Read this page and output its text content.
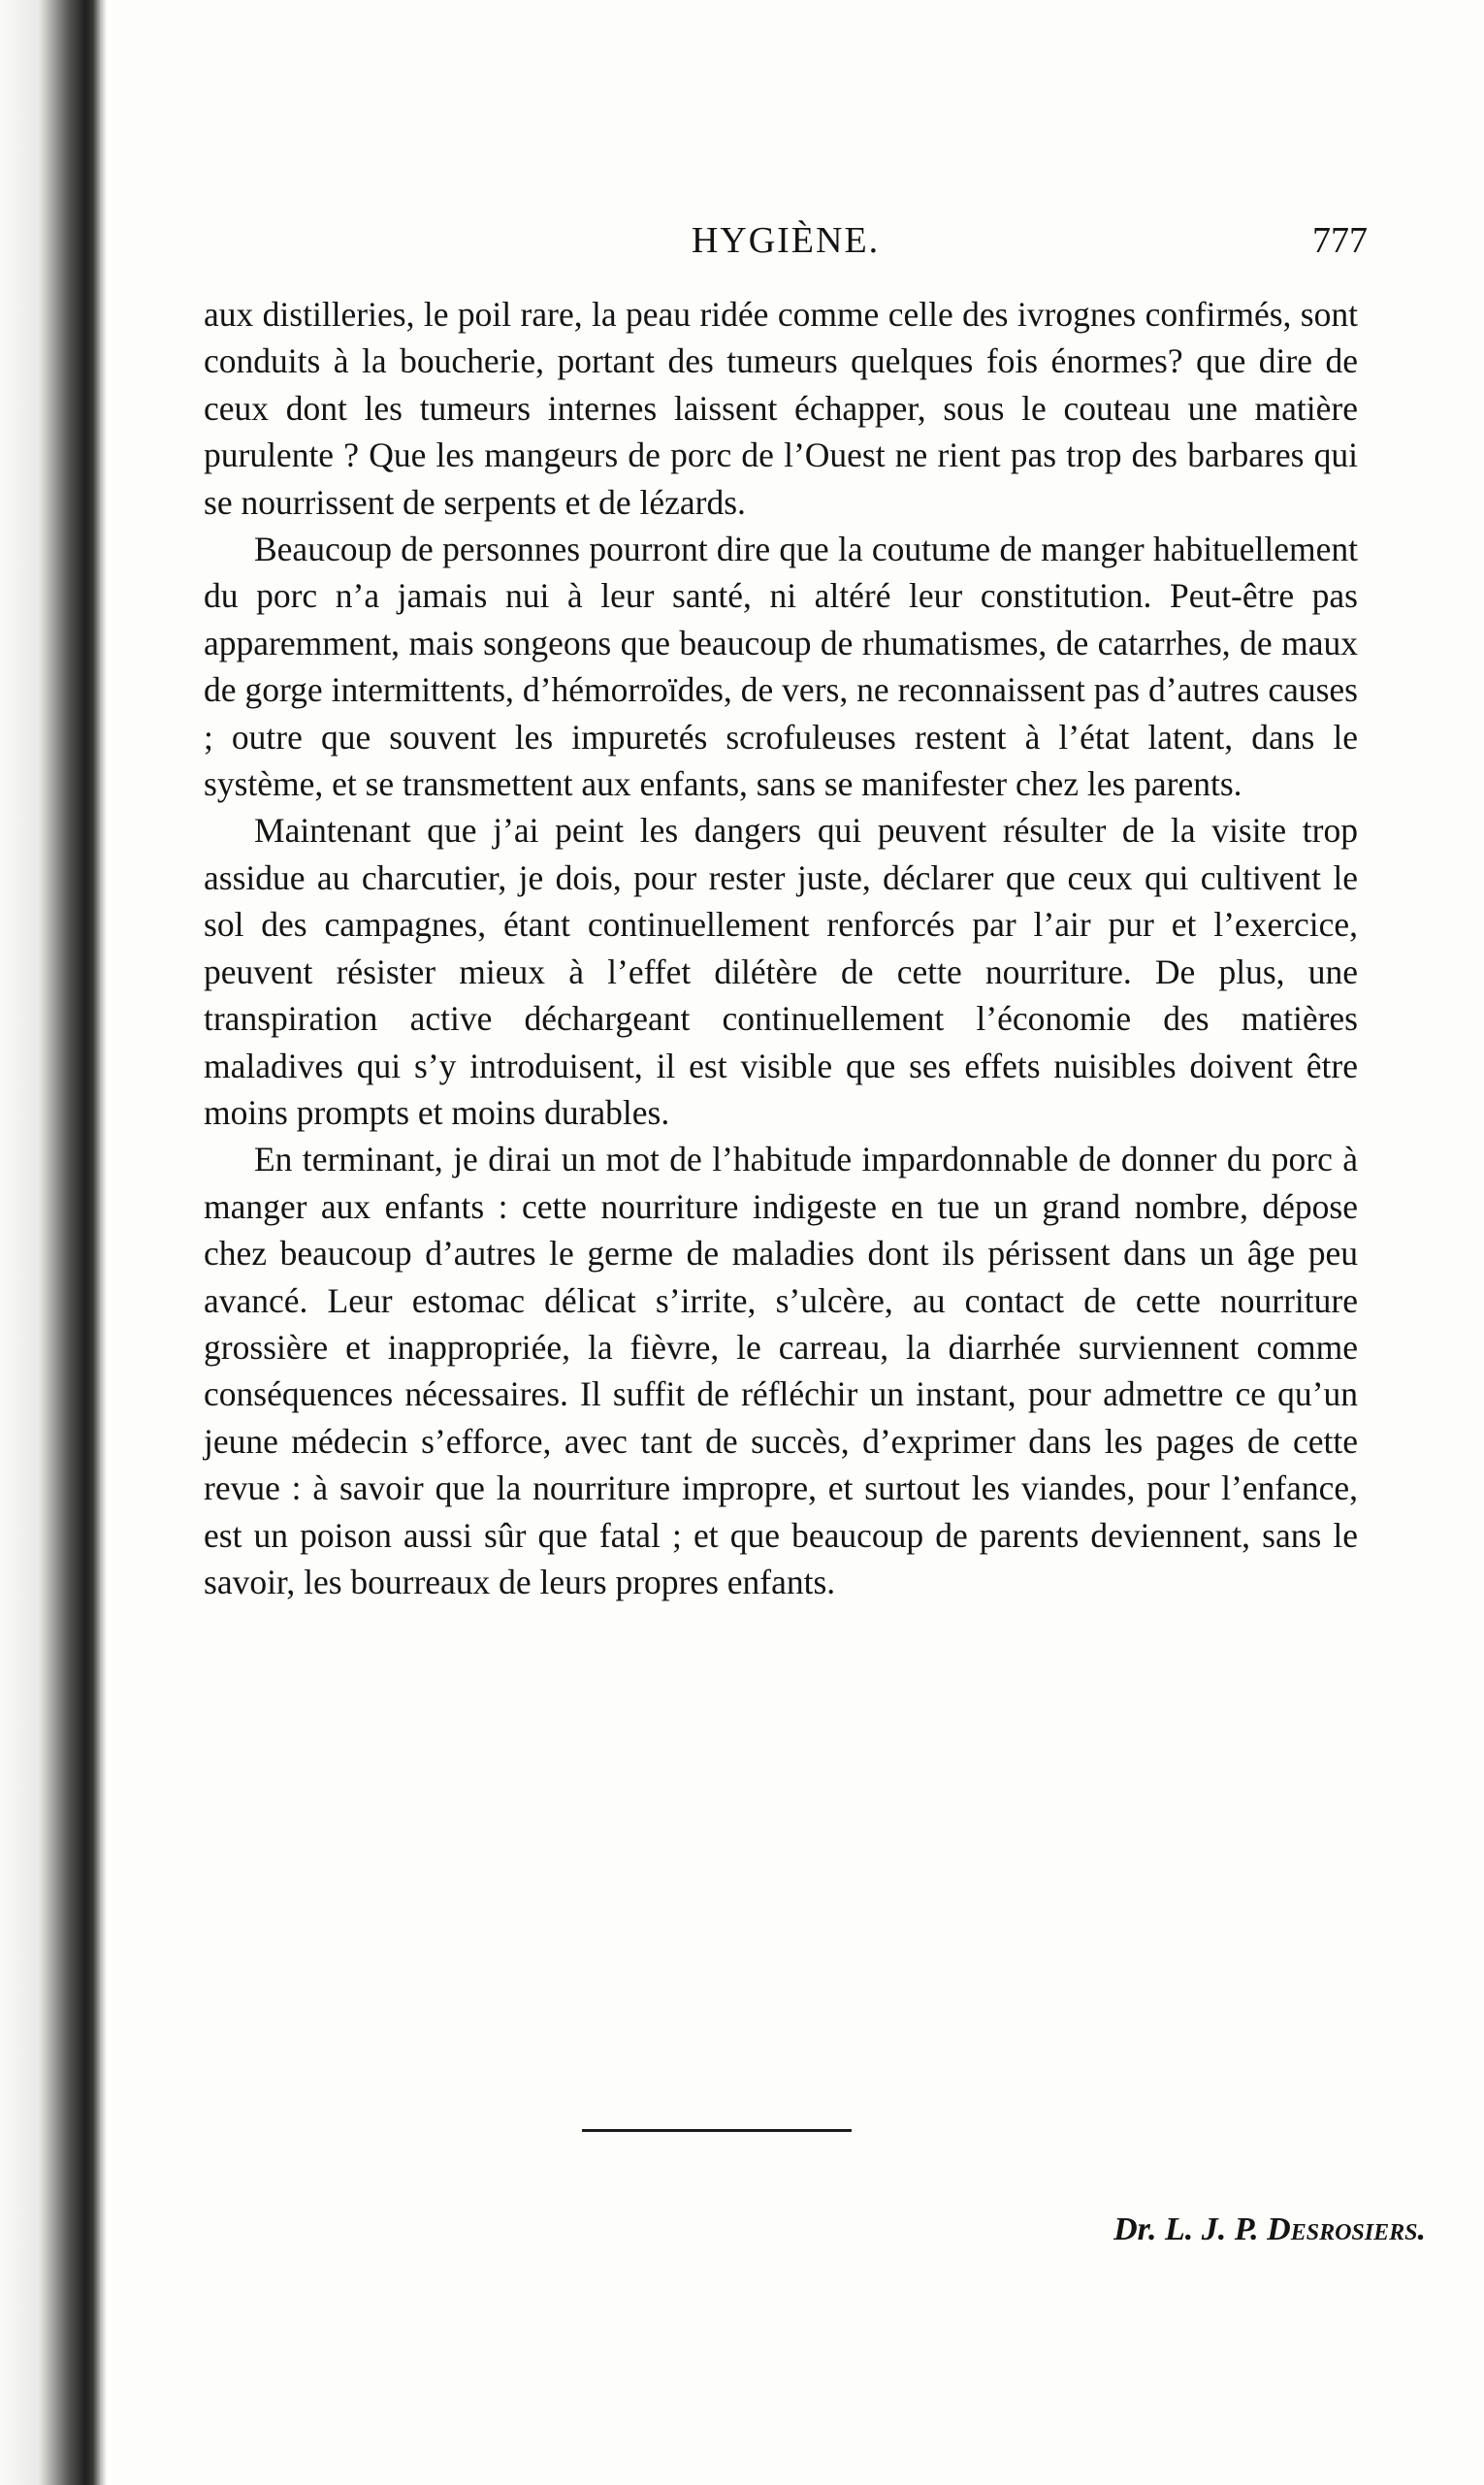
HYGIÈNE.	777

aux distilleries, le poil rare, la peau ridée comme celle des ivrognes confirmés, sont conduits à la boucherie, portant des tumeurs quelques fois énormes? que dire de ceux dont les tumeurs internes laissent échapper, sous le couteau une matière purulente ? Que les mangeurs de porc de l’Ouest ne rient pas trop des barbares qui se nourrissent de serpents et de lézards.

Beaucoup de personnes pourront dire que la coutume de manger habituellement du porc n’a jamais nui à leur santé, ni altéré leur constitution. Peut-être pas apparemment, mais songeons que beaucoup de rhumatismes, de catarrhes, de maux de gorge intermittents, d’hémorroïdes, de vers, ne reconnaissent pas d’autres causes ; outre que souvent les impuretés scrofuleuses restent à l’état latent, dans le système, et se transmettent aux enfants, sans se manifester chez les parents.

Maintenant que j’ai peint les dangers qui peuvent résulter de la visite trop assidue au charcutier, je dois, pour rester juste, déclarer que ceux qui cultivent le sol des campagnes, étant continuellement renforcés par l’air pur et l’exercice, peuvent résister mieux à l’effet dilétère de cette nourriture. De plus, une transpiration active déchargeant continuellement l’économie des matières maladives qui s’y introduisent, il est visible que ses effets nuisibles doivent être moins prompts et moins durables.

En terminant, je dirai un mot de l’habitude impardonnable de donner du porc à manger aux enfants : cette nourriture indigeste en tue un grand nombre, dépose chez beaucoup d’autres le germe de maladies dont ils périssent dans un âge peu avancé. Leur estomac délicat s’irrite, s’ulcère, au contact de cette nourriture grossière et inappropriée, la fièvre, le carreau, la diarrhée surviennent comme conséquences nécessaires. Il suffit de réfléchir un instant, pour admettre ce qu’un jeune médecin s’efforce, avec tant de succès, d’exprimer dans les pages de cette revue : à savoir que la nourriture impropre, et surtout les viandes, pour l’enfance, est un poison aussi sûr que fatal ; et que beaucoup de parents deviennent, sans le savoir, les bourreaux de leurs propres enfants.

Dr. L. J. P. Desrosiers.
